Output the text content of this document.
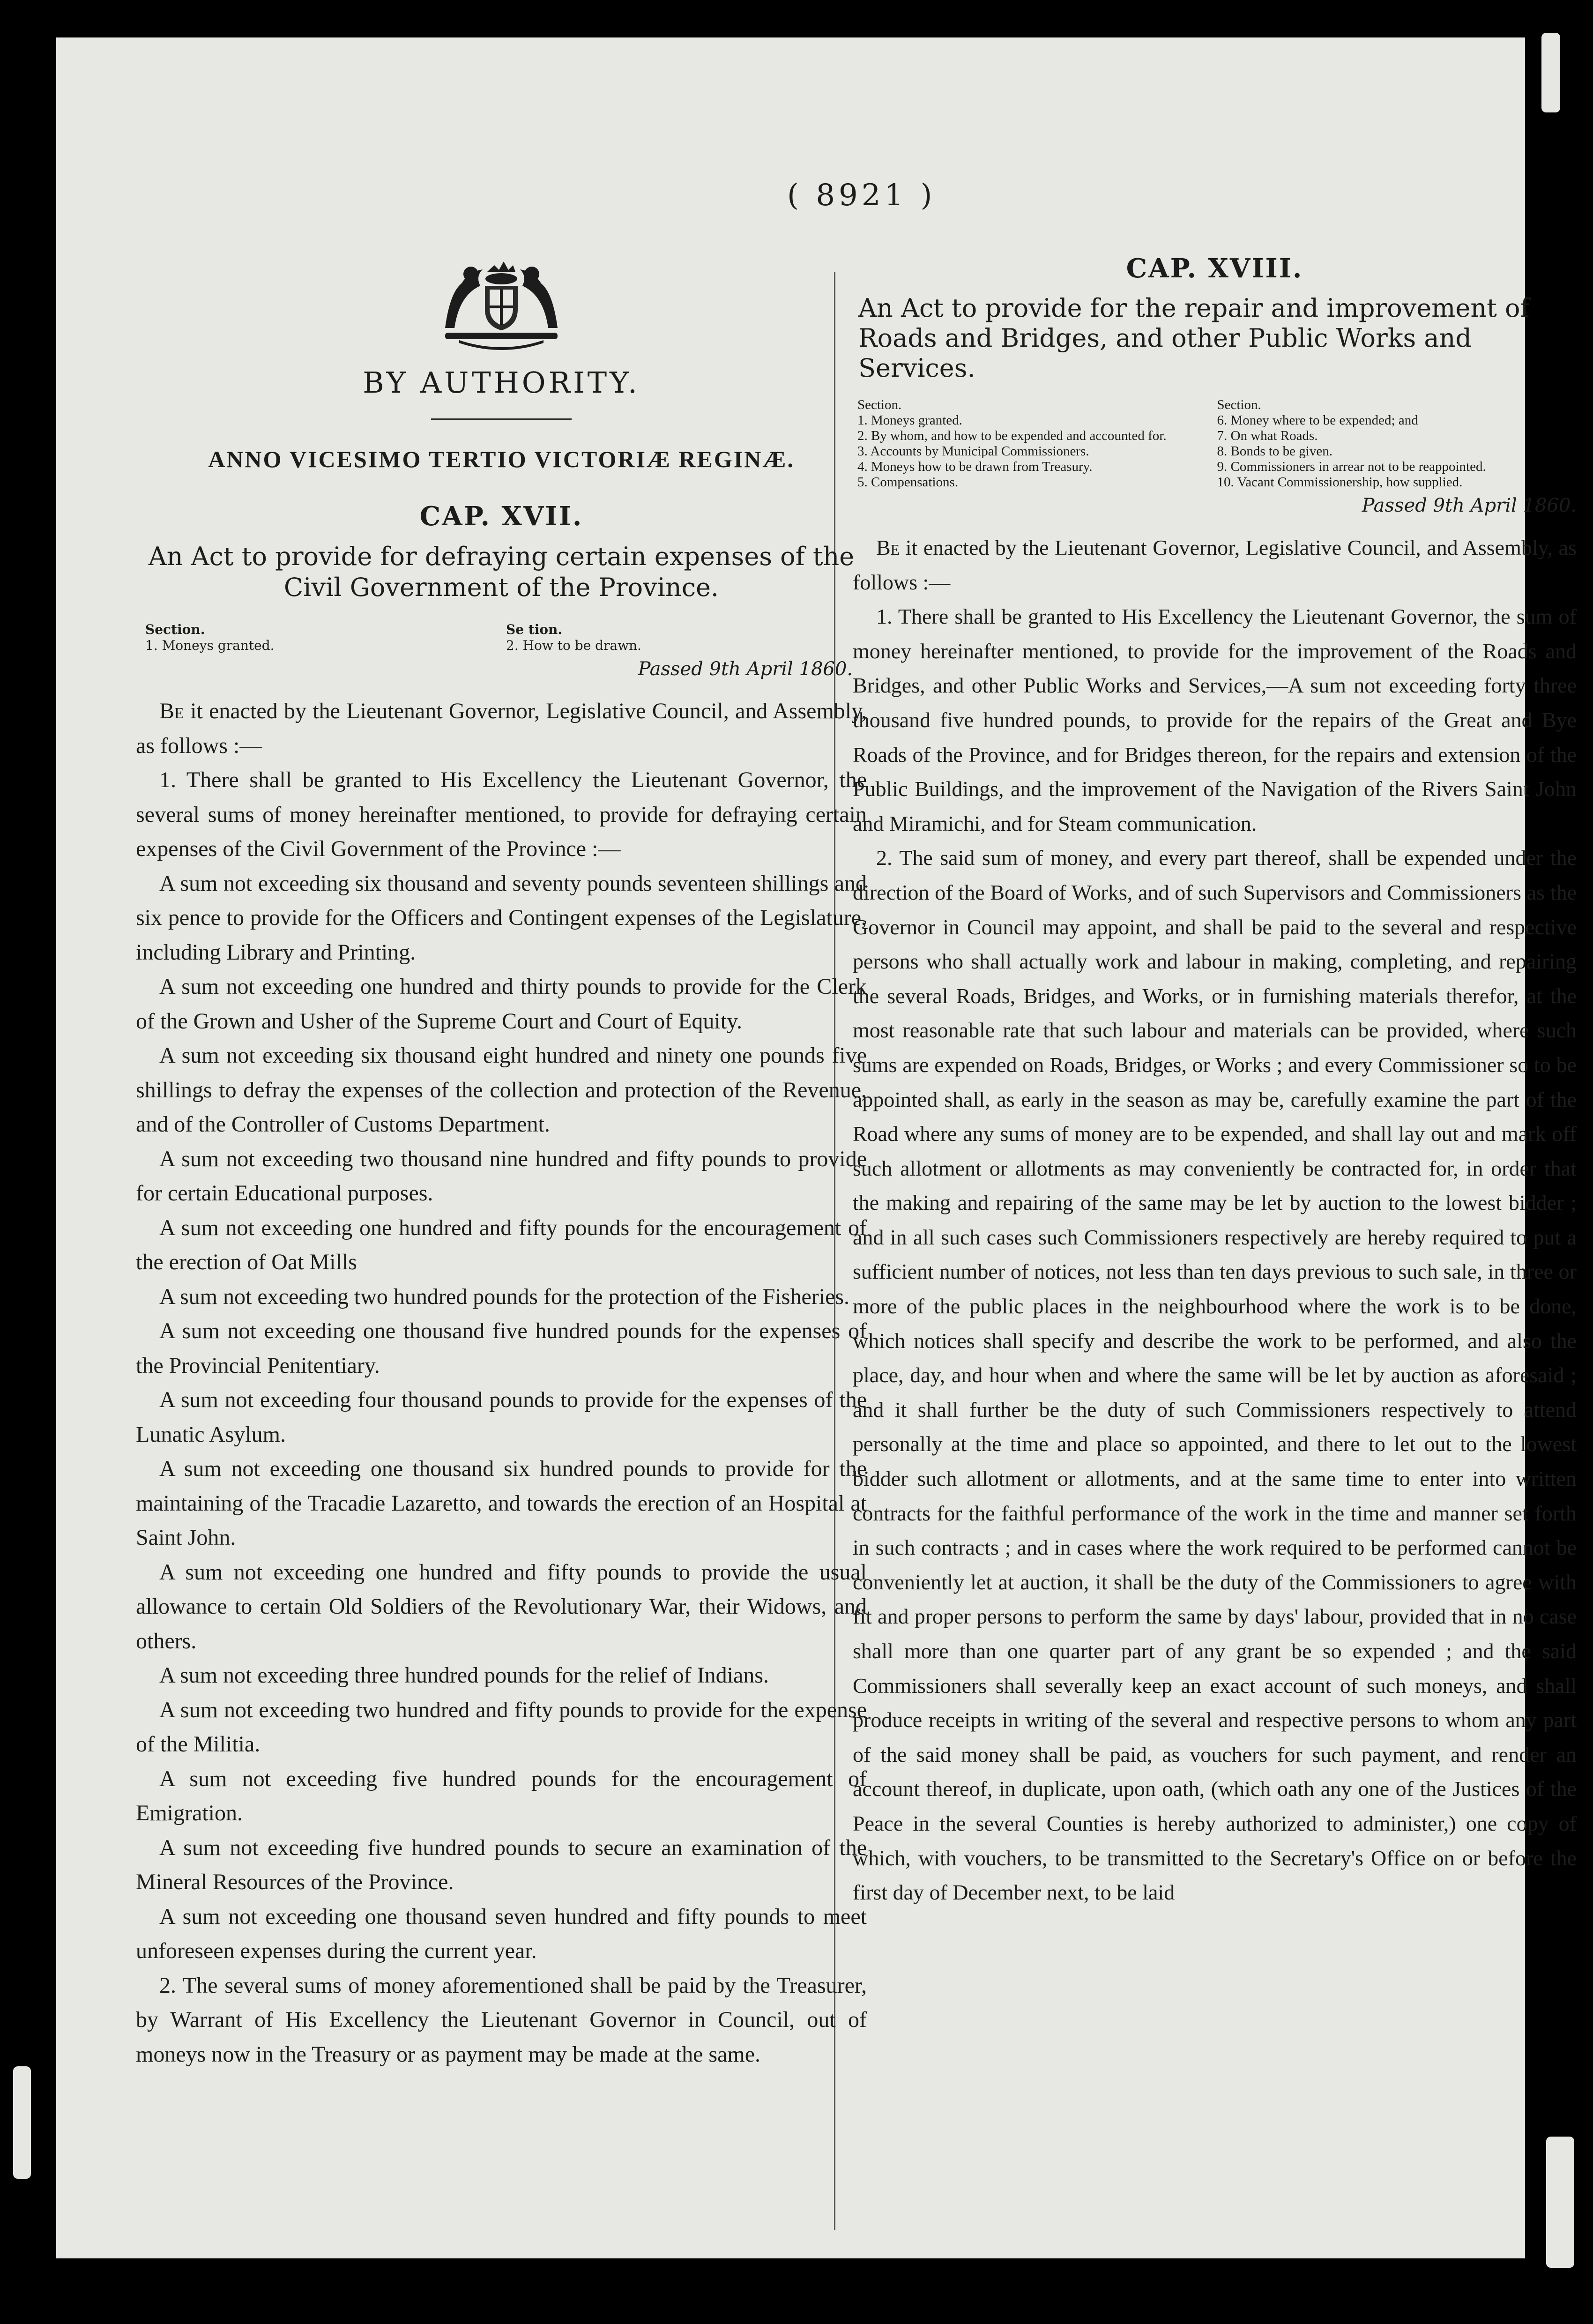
( 8921 )
BY AUTHORITY.
ANNO VICESIMO TERTIO VICTORIÆ REGINÆ.
CAP. XVII.
An Act to provide for defraying certain expenses of the Civil Government of the Province.
Section.
1. Moneys granted.
Se tion.
2. How to be drawn.
Passed 9th April 1860.

Be it enacted by the Lieutenant Governor, Legislative Council, and Assembly, as follows :—

1. There shall be granted to His Excellency the Lieutenant Governor, the several sums of money hereinafter mentioned, to provide for defraying certain expenses of the Civil Government of the Province :—

A sum not exceeding six thousand and seventy pounds seventeen shillings and six pence to provide for the Officers and Contingent expenses of the Legislature, including Library and Printing.

A sum not exceeding one hundred and thirty pounds to provide for the Clerk of the Grown and Usher of the Supreme Court and Court of Equity.

A sum not exceeding six thousand eight hundred and ninety one pounds five shillings to defray the expenses of the collection and protection of the Revenue, and of the Controller of Customs Department.

A sum not exceeding two thousand nine hundred and fifty pounds to provide for certain Educational purposes.

A sum not exceeding one hundred and fifty pounds for the encouragement of the erection of Oat Mills

A sum not exceeding two hundred pounds for the protection of the Fisheries.

A sum not exceeding one thousand five hundred pounds for the expenses of the Provincial Penitentiary.

A sum not exceeding four thousand pounds to provide for the expenses of the Lunatic Asylum.

A sum not exceeding one thousand six hundred pounds to provide for the maintaining of the Tracadie Lazaretto, and towards the erection of an Hospital at Saint John.

A sum not exceeding one hundred and fifty pounds to provide the usual allowance to certain Old Soldiers of the Revolutionary War, their Widows, and others.

A sum not exceeding three hundred pounds for the relief of Indians.

A sum not exceeding two hundred and fifty pounds to provide for the expense of the Militia.

A sum not exceeding five hundred pounds for the encouragement of Emigration.

A sum not exceeding five hundred pounds to secure an examination of the Mineral Resources of the Province.

A sum not exceeding one thousand seven hundred and fifty pounds to meet unforeseen expenses during the current year.

2. The several sums of money aforementioned shall be paid by the Treasurer, by Warrant of His Excellency the Lieutenant Governor in Council, out of moneys now in the Treasury or as payment may be made at the same.

CAP. XVIII.
An Act to provide for the repair and improvement of Roads and Bridges, and other Public Works and Services.
Section.
1. Moneys granted.
2. By whom, and how to be expended and accounted for.
3. Accounts by Municipal Commissioners.
4. Moneys how to be drawn from Treasury.
5. Compensations.
Section.
6. Money where to be expended; and
7. On what Roads.
8. Bonds to be given.
9. Commissioners in arrear not to be reappointed.
10. Vacant Commissionership, how supplied.
Passed 9th April 1860.

Be it enacted by the Lieutenant Governor, Legislative Council, and Assembly, as follows :—

1. There shall be granted to His Excellency the Lieutenant Governor, the sum of money hereinafter mentioned, to provide for the improvement of the Roads and Bridges, and other Public Works and Services,—A sum not exceeding forty three thousand five hundred pounds, to provide for the repairs of the Great and Bye Roads of the Province, and for Bridges thereon, for the repairs and extension of the Public Buildings, and the improvement of the Navigation of the Rivers Saint John and Miramichi, and for Steam communication.

2. The said sum of money, and every part thereof, shall be expended under the direction of the Board of Works, and of such Supervisors and Commissioners as the Governor in Council may appoint, and shall be paid to the several and respective persons who shall actually work and labour in making, completing, and repairing the several Roads, Bridges, and Works, or in furnishing materials therefor, at the most reasonable rate that such labour and materials can be provided, where such sums are expended on Roads, Bridges, or Works ; and every Commissioner so to be appointed shall, as early in the season as may be, carefully examine the part of the Road where any sums of money are to be expended, and shall lay out and mark off such allotment or allotments as may conveniently be contracted for, in order that the making and repairing of the same may be let by auction to the lowest bidder ; and in all such cases such Commissioners respectively are hereby required to put a sufficient number of notices, not less than ten days previous to such sale, in three or more of the public places in the neighbourhood where the work is to be done, which notices shall specify and describe the work to be performed, and also the place, day, and hour when and where the same will be let by auction as aforesaid ; and it shall further be the duty of such Commissioners respectively to attend personally at the time and place so appointed, and there to let out to the lowest bidder such allotment or allotments, and at the same time to enter into written contracts for the faithful performance of the work in the time and manner set forth in such contracts ; and in cases where the work required to be performed cannot be conveniently let at auction, it shall be the duty of the Commissioners to agree with fit and proper persons to perform the same by days' labour, provided that in no case shall more than one quarter part of any grant be so expended ; and the said Commissioners shall severally keep an exact account of such moneys, and shall produce receipts in writing of the several and respective persons to whom any part of the said money shall be paid, as vouchers for such payment, and render an account thereof, in duplicate, upon oath, (which oath any one of the Justices of the Peace in the several Counties is hereby authorized to administer,) one copy of which, with vouchers, to be transmitted to the Secretary's Office on or before the first day of December next, to be laid
